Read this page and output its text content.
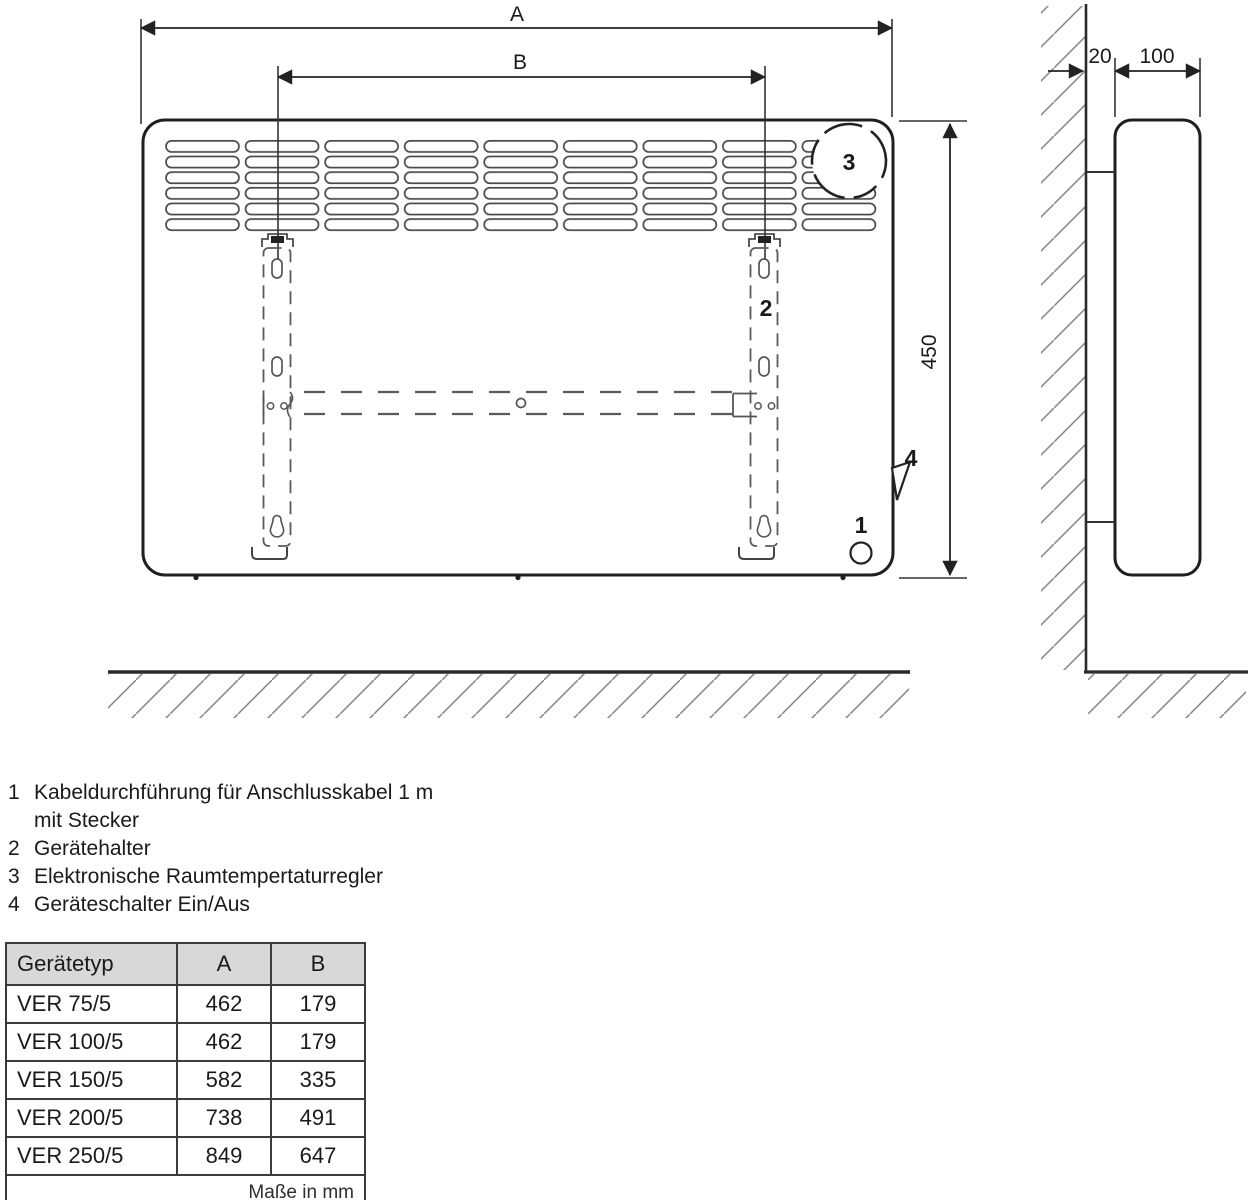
3
2
4
1
A
B
450
20 100
1 Kabeldurchführung für Anschlusskabel 1 m
mit Stecker
2 Gerätehalter
3 Elektronische Raumtempertaturregler
4 Geräteschalter Ein/Aus
Gerätetyp	A	B
VER 75/5	462	179
VER 100/5	462	179
VER 150/5	582	335
VER 200/5	738	491
VER 250/5	849	647
Maße in mm		
